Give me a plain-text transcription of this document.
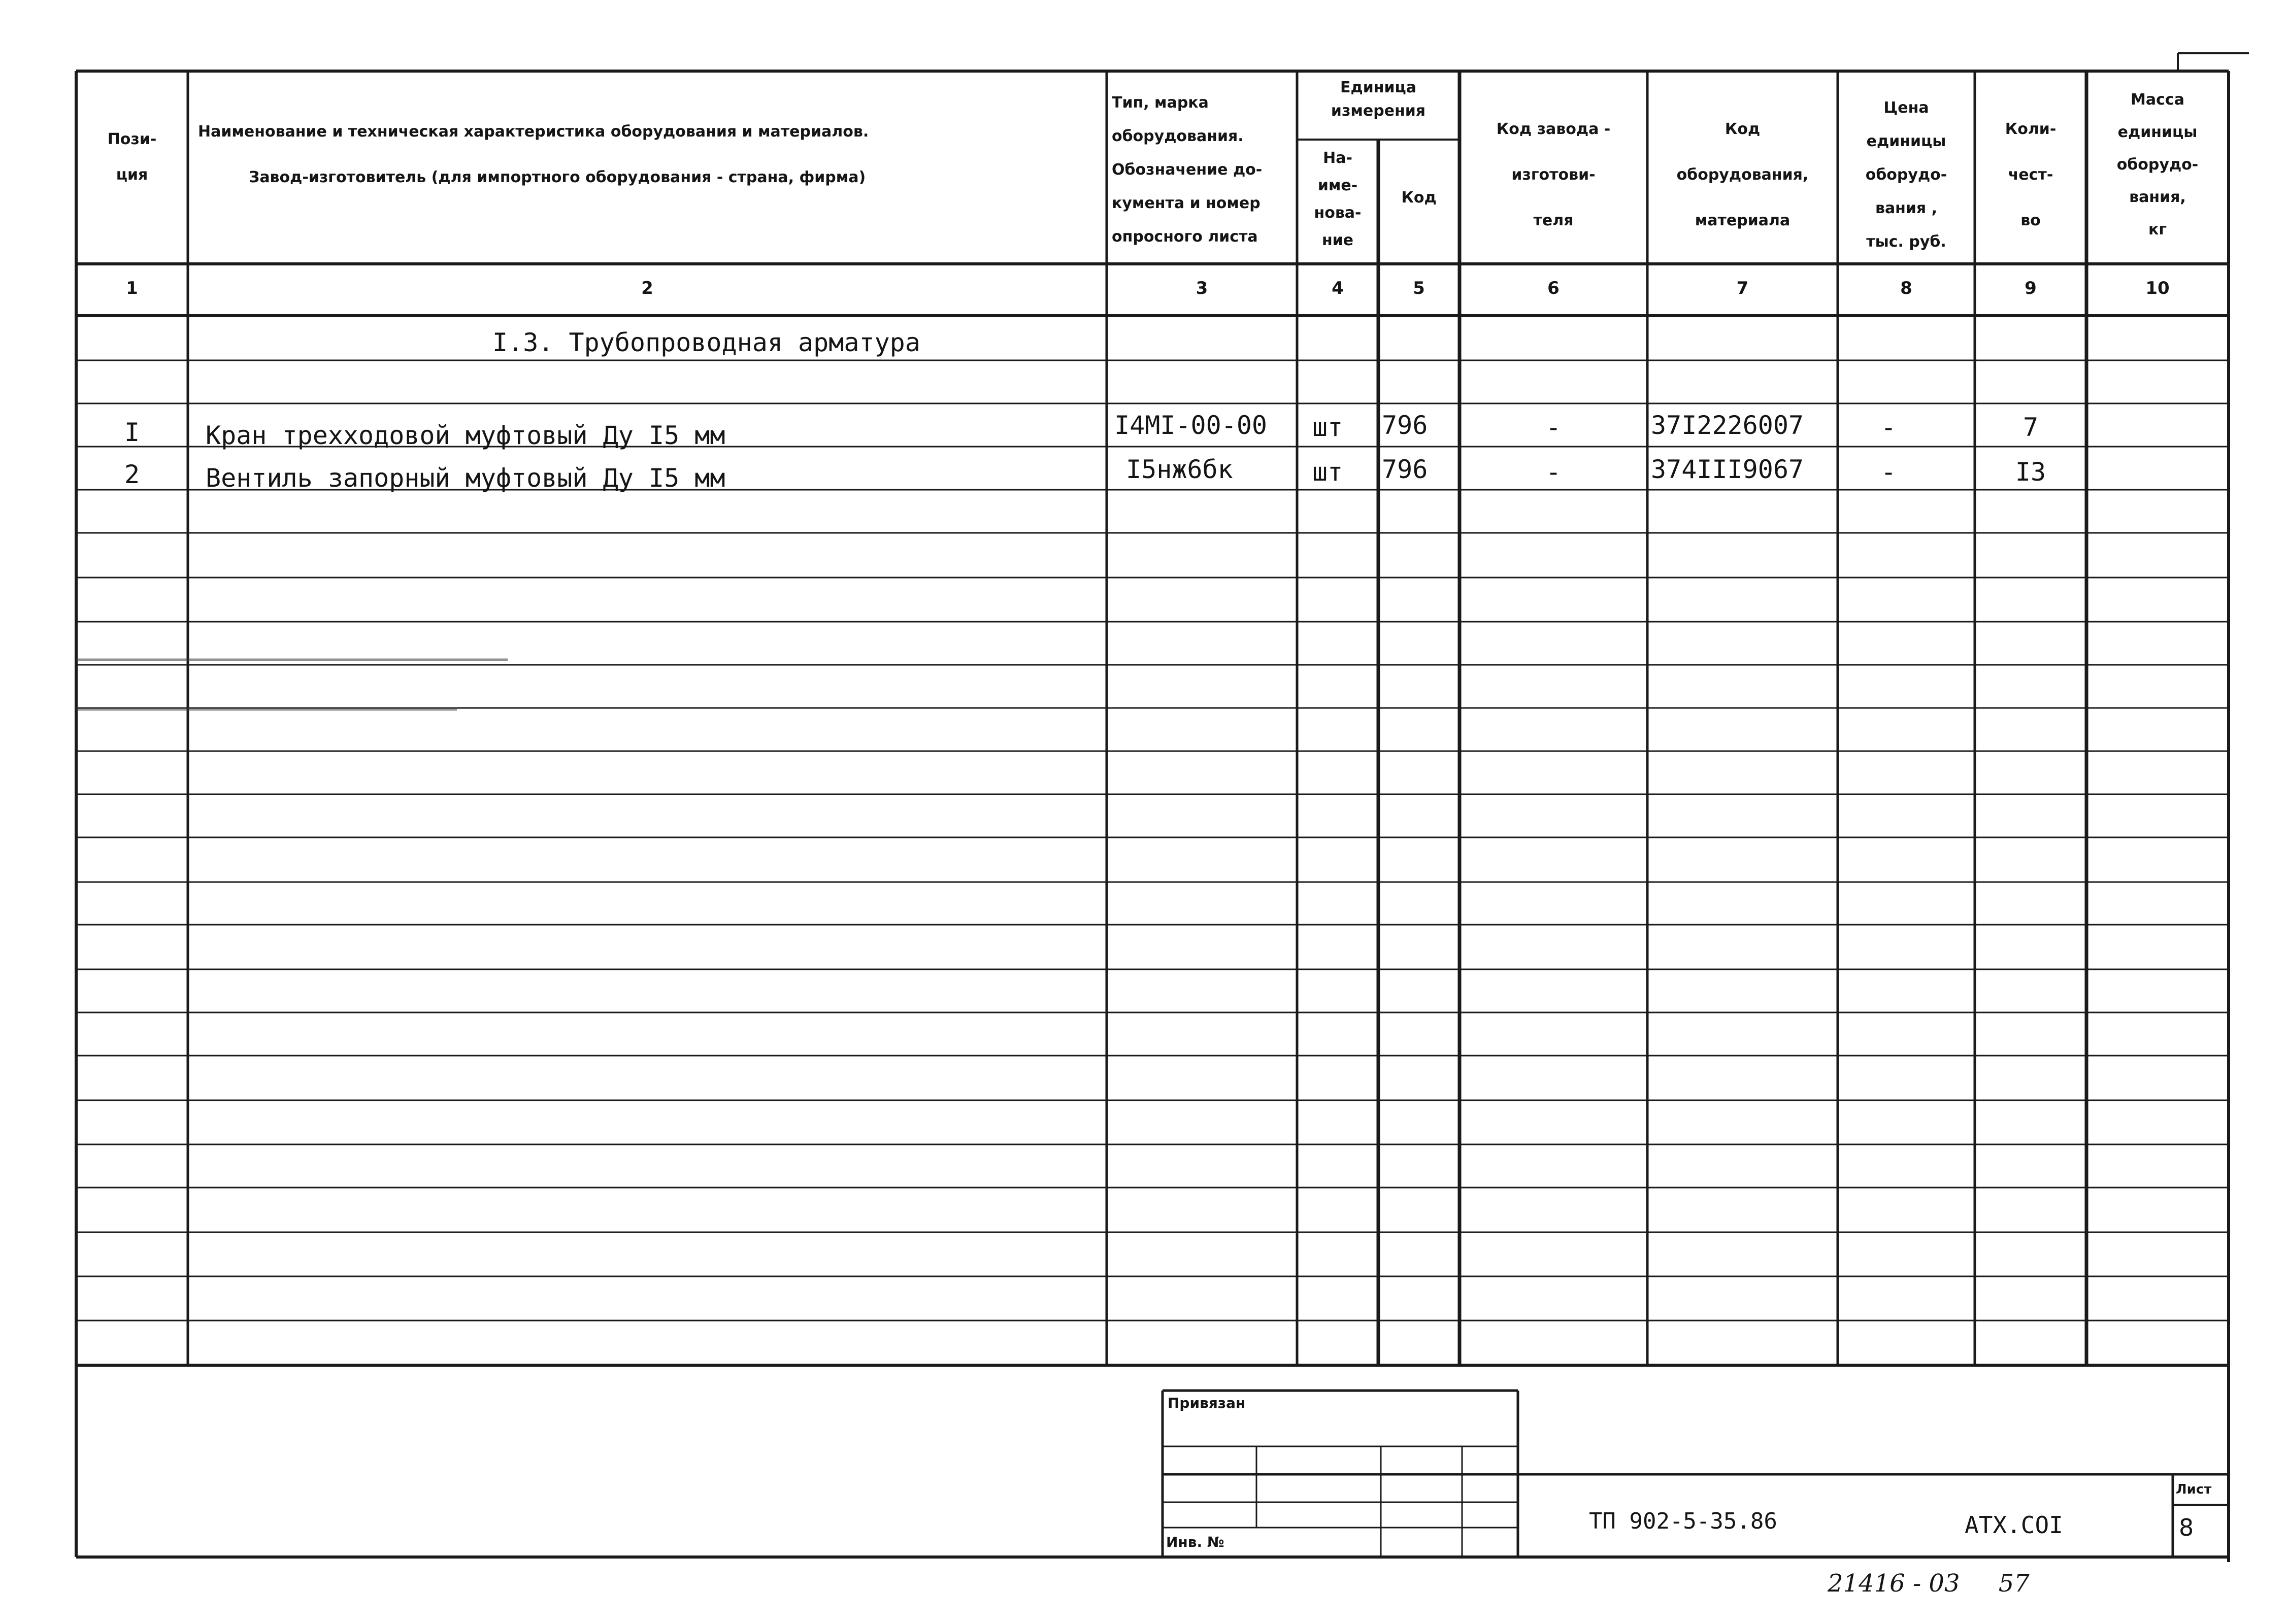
Пози-
ция
Наименование и техническая характеристика оборудования и материалов.
Завод-изготовитель (для импортного оборудования - страна, фирма)
Тип, марка
оборудования.
Обозначение до-
кумента и номер
опросного листа
Единица
измерения
На-
име-
нова-
ние
Код
Код завода -
изготови-
теля
Код
оборудования,
материала
Цена
единицы
оборудо-
вания ,
тыс. руб.
Коли-
чест-
во
Масса
единицы
оборудо-
вания,
кг
1	2	3	4	5	6	7	8	9	10
I.3. Трубопроводная арматура
I	Кран трехходовой муфтовый Ду I5 мм	I4MI-00-00 шт 796	-	37I2226007	-	7
2	Вентиль запорный муфтовый Ду I5 мм	I5нж6бк	шт 796	-	374III9067	-	I3
Привязан
Инв. №
ТП 902-5-35.86	АТХ.COI
Лист
8
21416 - 03     57
